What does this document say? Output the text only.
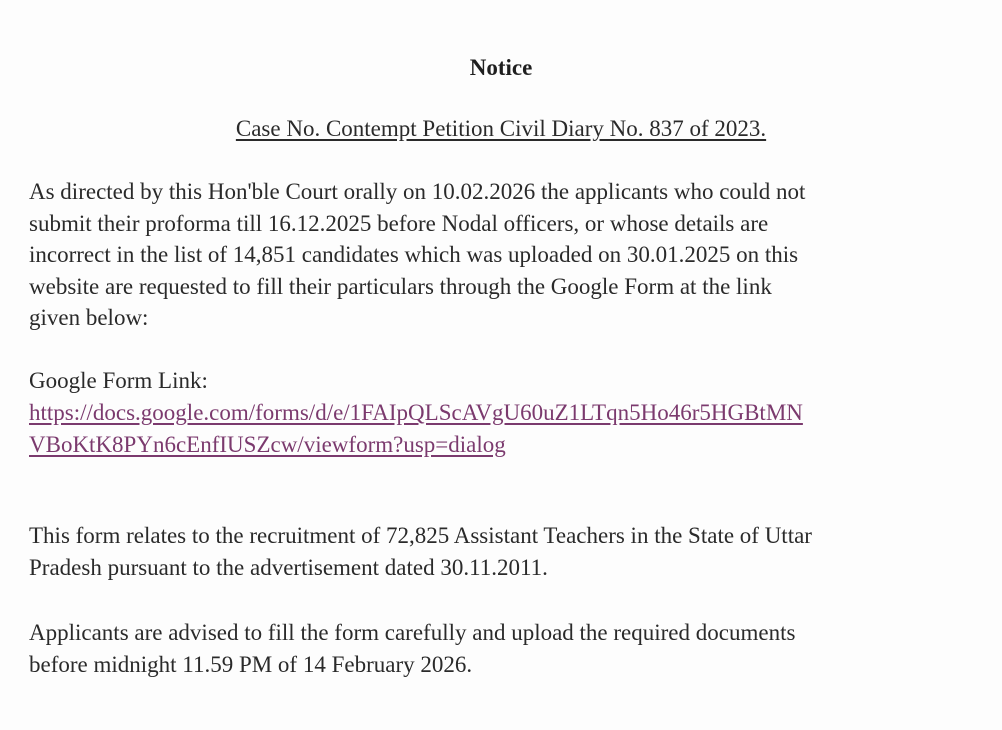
Notice
Case No. Contempt Petition Civil Diary No. 837 of 2023.

As directed by this Hon'ble Court orally on 10.02.2026 the applicants who could not
submit their proforma till 16.12.2025 before Nodal officers, or whose details are
incorrect in the list of 14,851 candidates which was uploaded on 30.01.2025 on this
website are requested to fill their particulars through the Google Form at the link
given below:

Google Form Link:

https://docs.google.com/forms/d/e/1FAIpQLScAVgU60uZ1LTqn5Ho46r5HGBtMN
VBoKtK8PYn6cEnfIUSZcw/viewform?usp=dialog

This form relates to the recruitment of 72,825 Assistant Teachers in the State of Uttar
Pradesh pursuant to the advertisement dated 30.11.2011.

Applicants are advised to fill the form carefully and upload the required documents
before midnight 11.59 PM of 14 February 2026.
